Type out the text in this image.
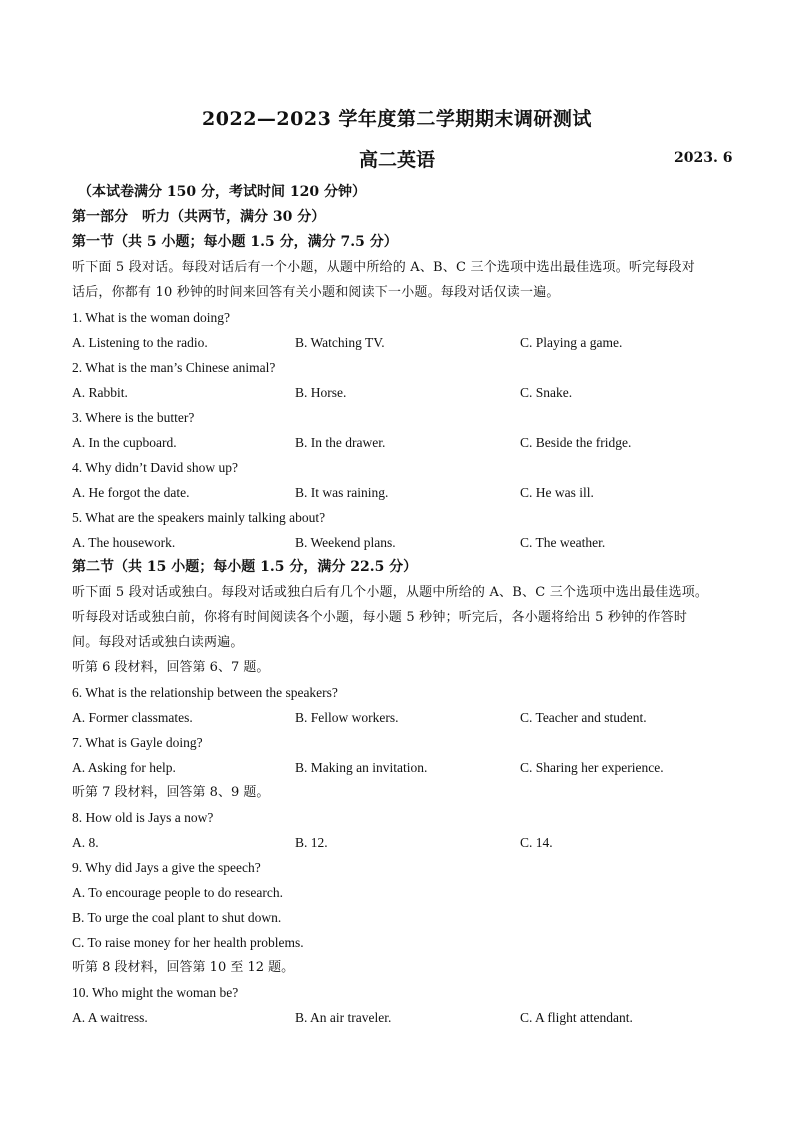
2022—2023 学年度第二学期期末调研测试
高二英语	2023. 6
（本试卷满分 150 分，考试时间 120 分钟）
第一部分　听力（共两节，满分 30 分）
第一节（共 5 小题；每小题 1.5 分，满分 7.5 分）
听下面 5 段对话。每段对话后有一个小题，从题中所给的 A、B、C 三个选项中选出最佳选项。听完每段对
话后，你都有 10 秒钟的时间来回答有关小题和阅读下一小题。每段对话仅读一遍。
1. What is the woman doing?
A. Listening to the radio.	B. Watching TV.	C. Playing a game.
2. What is the man’s Chinese animal?
A. Rabbit.	B. Horse.	C. Snake.
3. Where is the butter?
A. In the cupboard.	B. In the drawer.	C. Beside the fridge.
4. Why didn’t David show up?
A. He forgot the date.	B. It was raining.	C. He was ill.
5. What are the speakers mainly talking about?
A. The housework.	B. Weekend plans.	C. The weather.
第二节（共 15 小题；每小题 1.5 分，满分 22.5 分）
听下面 5 段对话或独白。每段对话或独白后有几个小题，从题中所给的 A、B、C 三个选项中选出最佳选项。
听每段对话或独白前，你将有时间阅读各个小题，每小题 5 秒钟；听完后，各小题将给出 5 秒钟的作答时
间。每段对话或独白读两遍。
听第 6 段材料，回答第 6、7 题。
6. What is the relationship between the speakers?
A. Former classmates.	B. Fellow workers.	C. Teacher and student.
7. What is Gayle doing?
A. Asking for help.	B. Making an invitation.	C. Sharing her experience.
听第 7 段材料，回答第 8、9 题。
8. How old is Jays a now?
A. 8.	B. 12.	C. 14.
9. Why did Jays a give the speech?
A. To encourage people to do research.
B. To urge the coal plant to shut down.
C. To raise money for her health problems.
听第 8 段材料，回答第 10 至 12 题。
10. Who might the woman be?
A. A waitress.	B. An air traveler.	C. A flight attendant.
